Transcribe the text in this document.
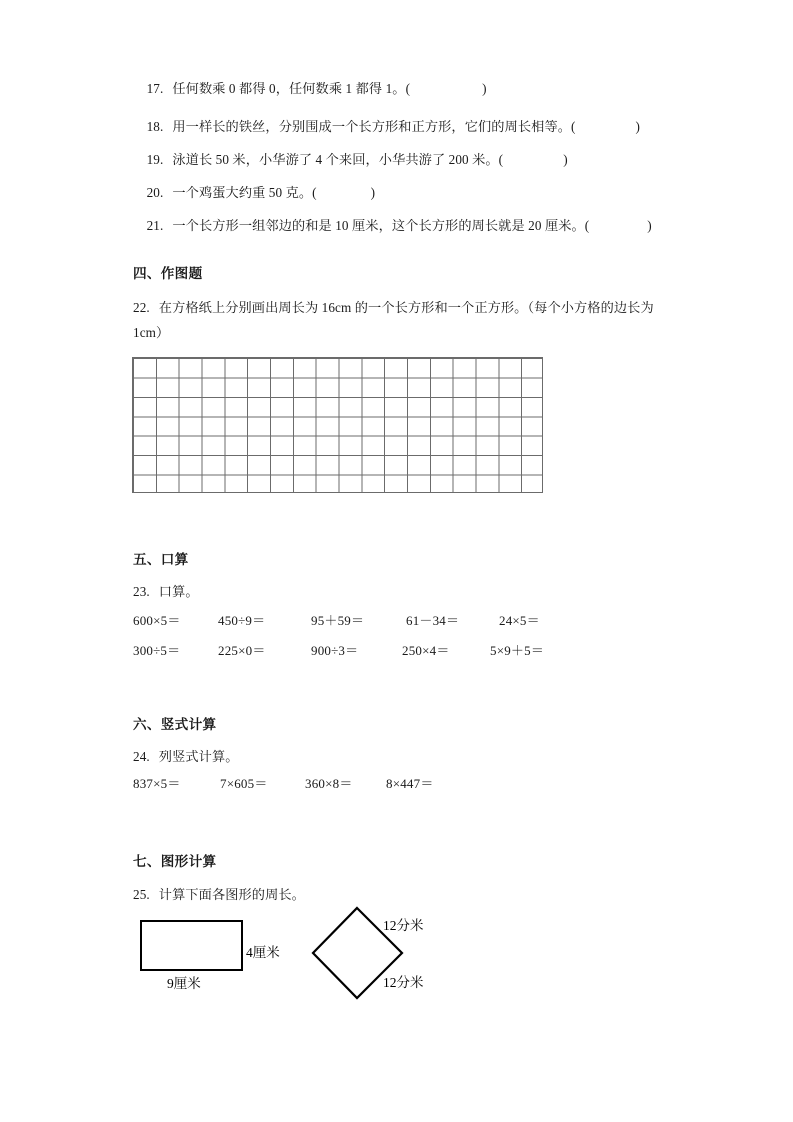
17. 任何数乘 0 都得 0，任何数乘 1 都得 1。(	)

18. 用一样长的铁丝，分别围成一个长方形和正方形，它们的周长相等。(	)

19. 泳道长 50 米，小华游了 4 个来回，小华共游了 200 米。(	)

20. 一个鸡蛋大约重 50 克。(	)

21. 一个长方形一组邻边的和是 10 厘米，这个长方形的周长就是 20 厘米。(	)

四、作图题
22. 在方格纸上分别画出周长为 16cm 的一个长方形和一个正方形。（每个小方格的边长为 1cm）
五、口算
23. 口算。
600×5＝	450÷9＝	95＋59＝	61－34＝	24×5＝
300÷5＝	225×0＝	900÷3＝	250×4＝	5×9＋5＝
六、竖式计算
24. 列竖式计算。
837×5＝	7×605＝	360×8＝	8×447＝
七、图形计算
25. 计算下面各图形的周长。
4厘米
9厘米
12分米
12分米
